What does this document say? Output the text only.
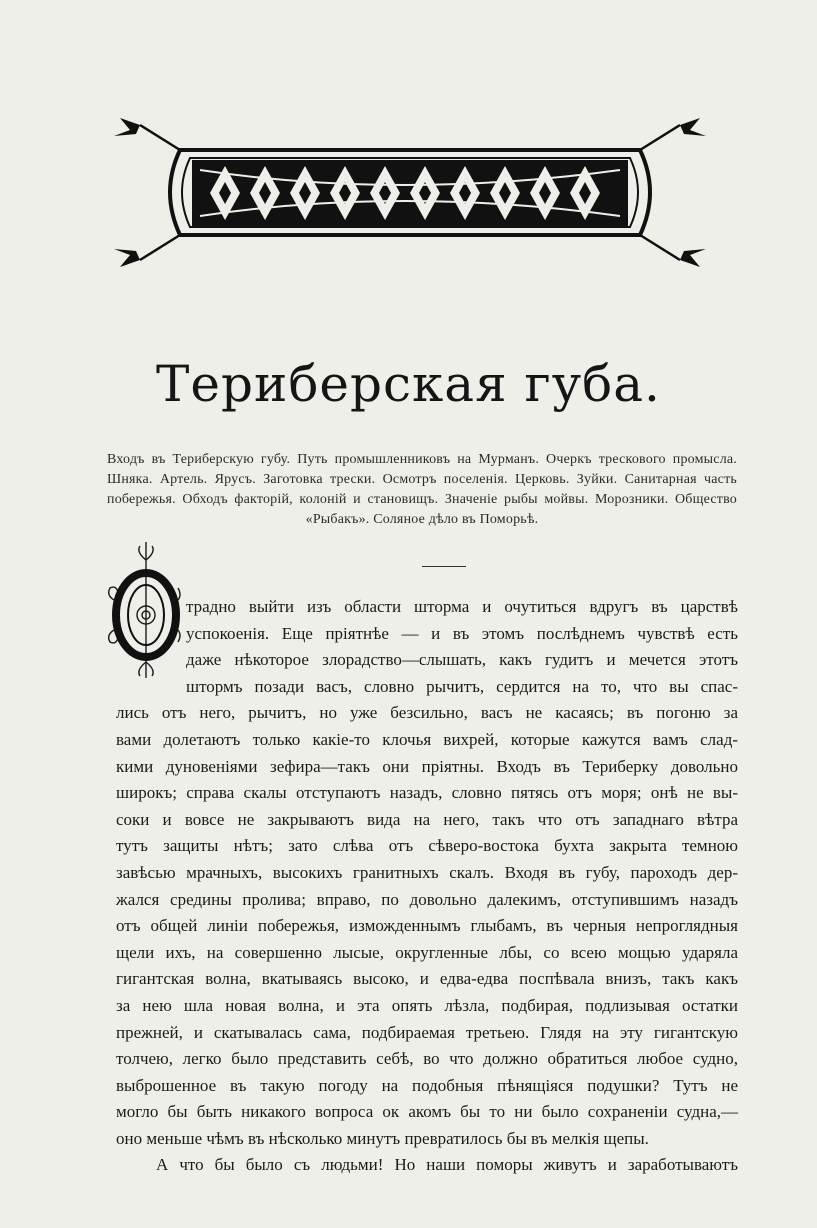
Териберская губа.
Входъ въ Териберскую губу. Путь промышленниковъ на Мурманъ. Очеркъ трескового промысла. Шняка. Артель. Ярусъ. Заготовка трески. Осмотръ поселенія. Церковь. Зуйки. Санитарная часть побережья. Обходъ факторій, колоній и становищъ. Значеніе рыбы мойвы. Морозники. Общество «Рыбакъ». Соляное дѣло въ Поморьѣ.
О
традно выйти изъ области шторма и очутиться вдругъ въ царствѣ
успокоенія. Еще пріятнѣе — и въ этомъ послѣднемъ чувствѣ есть
даже нѣкоторое злорадство—слышать, какъ гудитъ и мечется этотъ
штормъ позади васъ, словно рычитъ, сердится на то, что вы спас-
лись отъ него, рычитъ, но уже безсильно, васъ не касаясь; въ погоню за
вами долетаютъ только какіе-то клочья вихрей, которые кажутся вамъ слад-
кими дуновеніями зефира—такъ они пріятны. Входъ въ Териберку довольно
широкъ; справа скалы отступаютъ назадъ, словно пятясь отъ моря; онѣ не вы-
соки и вовсе не закрываютъ вида на него, такъ что отъ западнаго вѣтра
тутъ защиты нѣтъ; зато слѣва отъ сѣверо-востока бухта закрыта темною
завѣсью мрачныхъ, высокихъ гранитныхъ скалъ. Входя въ губу, пароходъ дер-
жался средины пролива; вправо, по довольно далекимъ, отступившимъ назадъ
отъ общей линіи побережья, изможденнымъ глыбамъ, въ черныя непроглядныя
щели ихъ, на совершенно лысые, округленные лбы, со всею мощью ударяла
гигантская волна, вкатываясь высоко, и едва-едва поспѣвала внизъ, такъ какъ
за нею шла новая волна, и эта опять лѣзла, подбирая, подлизывая остатки
прежней, и скатывалась сама, подбираемая третьею. Глядя на эту гигантскую
толчею, легко было представить себѣ, во что должно обратиться любое судно,
выброшенное въ такую погоду на подобныя пѣнящіяся подушки? Тутъ не
могло бы быть никакого вопроса ок акомъ бы то ни было сохраненіи судна,—
оно меньше чѣмъ въ нѣсколько минутъ превратилось бы въ мелкія щепы.
А что бы было съ людьми! Но наши поморы живутъ и заработываютъ
